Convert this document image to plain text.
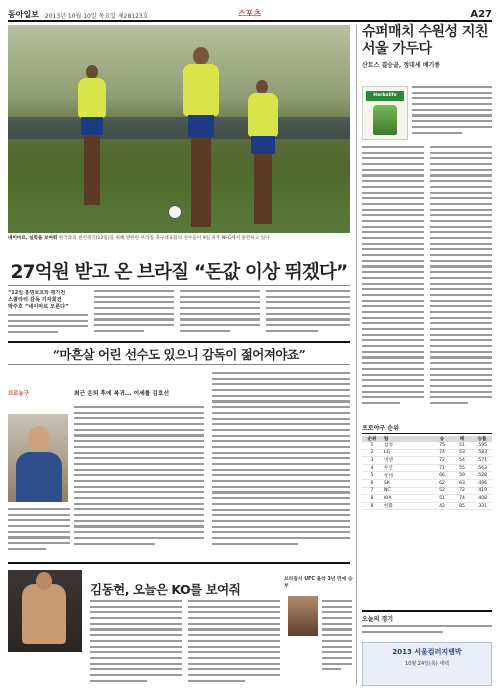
동아일보 2013년 10월 10일 목요일 제28123호	스포츠	A27
네이마르, 실력을 보여줘 한국과의 친선경기(12일)를 위해 방한한 브라질 축구대표팀의 선수들이 9일 파주 NFC에서 훈련하고 있다.
27억원 받고 온 브라질 “돈값 이상 뛰겠다”
“12일 홍명보호와 평가전
스콜라리 감독 기자회견
박주호 “네이마르 모른다”
“마흔살 어린 선수도 있으니 감독이 젊어져야죠”
프로농구	최근 은퇴 후에 복귀... 이세를 김호선
김동현, 오늘은 KO를 보여줘
브라질서 UFC 올라 3년 만에 승부
슈퍼매치 수원성 지친 서울 가두다
산토스 결승골, 정대세 배기종
Herbalife
프로야구 순위
순위	팀	승	패	승률
1	삼성	75	51	.595
2	LG	74	53	.583
3	넥센	72	54	.571
4	두산	71	55	.563
5	롯데	66	59	.528
6	SK	62	63	.496
7	NC	52	72	.419
8	KIA	51	74	.408
9	한화	42	85	.331
오늘의 경기
2013 서울컬러지램박
10월 24일(목) 세텍
